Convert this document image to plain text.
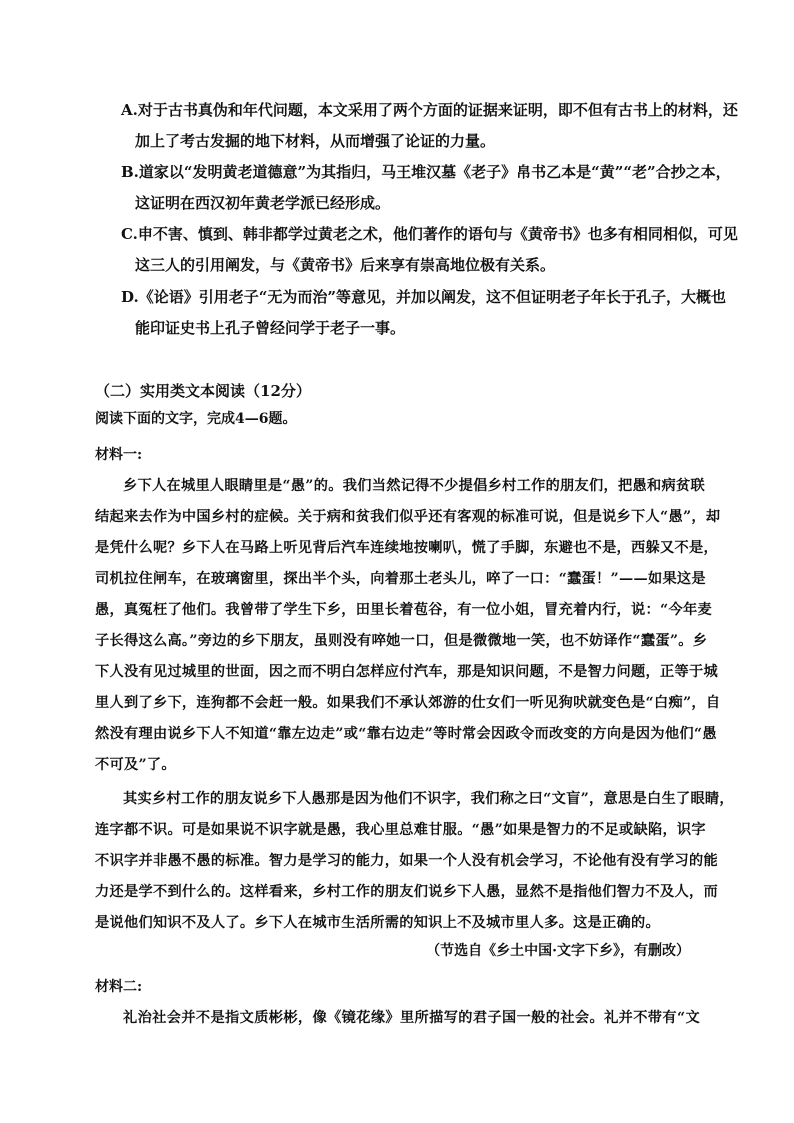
A.对于古书真伪和年代问题，本文采用了两个方面的证据来证明，即不但有古书上的材料，还
加上了考古发掘的地下材料，从而增强了论证的力量。
B.道家以“发明黄老道德意”为其指归，马王堆汉墓《老子》帛书乙本是“黄”“老”合抄之本，
这证明在西汉初年黄老学派已经形成。
C.申不害、慎到、韩非都学过黄老之术，他们著作的语句与《黄帝书》也多有相同相似，可见
这三人的引用阐发，与《黄帝书》后来享有崇高地位极有关系。
D.《论语》引用老子“无为而治”等意见，并加以阐发，这不但证明老子年长于孔子，大概也
能印证史书上孔子曾经问学于老子一事。
（二）实用类文本阅读（12分）
阅读下面的文字，完成4—6题。
材料一:
乡下人在城里人眼睛里是“愚”的。我们当然记得不少提倡乡村工作的朋友们，把愚和病贫联
结起来去作为中国乡村的症候。关于病和贫我们似乎还有客观的标准可说，但是说乡下人“愚”，却
是凭什么呢？乡下人在马路上听见背后汽车连续地按喇叭，慌了手脚，东避也不是，西躲又不是，
司机拉住闸车，在玻璃窗里，探出半个头，向着那土老头儿，啐了一口：“蠢蛋！”——如果这是
愚，真冤枉了他们。我曾带了学生下乡，田里长着苞谷，有一位小姐，冒充着内行，说：“今年麦
子长得这么高。”旁边的乡下朋友，虽则没有啐她一口，但是微微地一笑，也不妨译作“蠢蛋”。乡
下人没有见过城里的世面，因之而不明白怎样应付汽车，那是知识问题，不是智力问题，正等于城
里人到了乡下，连狗都不会赶一般。如果我们不承认郊游的仕女们一听见狗吠就变色是“白痴”，自
然没有理由说乡下人不知道“靠左边走”或“靠右边走”等时常会因政令而改变的方向是因为他们“愚
不可及”了。
其实乡村工作的朋友说乡下人愚那是因为他们不识字，我们称之曰“文盲”，意思是白生了眼睛，
连字都不识。可是如果说不识字就是愚，我心里总难甘服。“愚”如果是智力的不足或缺陷，识字
不识字并非愚不愚的标准。智力是学习的能力，如果一个人没有机会学习，不论他有没有学习的能
力还是学不到什么的。这样看来，乡村工作的朋友们说乡下人愚，显然不是指他们智力不及人，而
是说他们知识不及人了。乡下人在城市生活所需的知识上不及城市里人多。这是正确的。
（节选自《乡土中国·文字下乡》，有删改）
材料二:
礼治社会并不是指文质彬彬，像《镜花缘》里所描写的君子国一般的社会。礼并不带有“文
